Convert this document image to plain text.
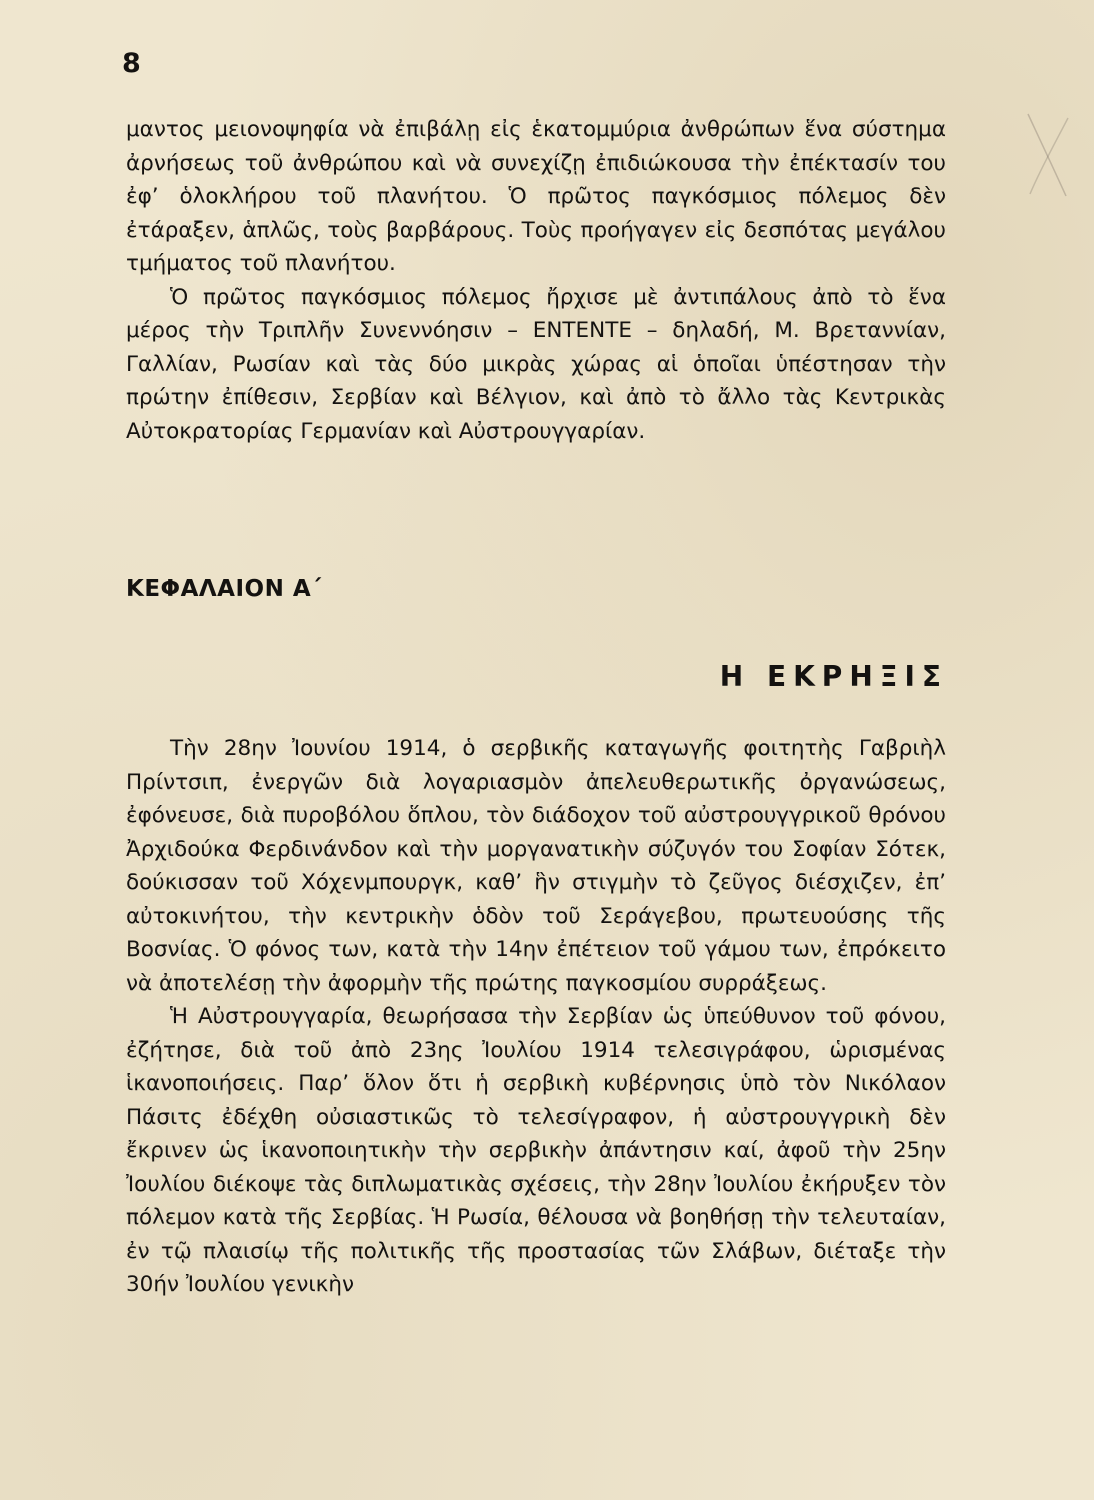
8

μαντος μειονοψηφία νὰ ἐπιβάλῃ εἰς ἑκατομμύρια ἀνθρώπων ἕνα σύστημα ἀρνήσεως τοῦ ἀνθρώπου καὶ νὰ συνεχίζῃ ἐπιδιώκουσα τὴν ἐπέκτασίν του ἐφ’ ὁλοκλήρου τοῦ πλανήτου. Ὁ πρῶτος παγκόσμιος πόλεμος δὲν ἐτάραξεν, ἁπλῶς, τοὺς βαρβάρους. Τοὺς προήγαγεν εἰς δεσπότας μεγάλου τμήματος τοῦ πλανήτου.

Ὁ πρῶτος παγκόσμιος πόλεμος ἤρχισε μὲ ἀντιπάλους ἀπὸ τὸ ἕνα μέρος τὴν Τριπλῆν Συνεννόησιν – ENTENTE – δηλαδή, Μ. Βρεταννίαν, Γαλλίαν, Ρωσίαν καὶ τὰς δύο μικρὰς χώρας αἱ ὁποῖαι ὑπέστησαν τὴν πρώτην ἐπίθεσιν, Σερβίαν καὶ Βέλγιον, καὶ ἀπὸ τὸ ἄλλο τὰς Κεντρικὰς Αὐτοκρατορίας Γερμανίαν καὶ Αὐστρουγγαρίαν.

ΚΕΦΑΛΑΙΟΝ Α΄
Η ΕΚΡΗΞΙΣ

Τὴν 28ην Ἰουνίου 1914, ὁ σερβικῆς καταγωγῆς φοιτητὴς Γαβριὴλ Πρίντσιπ, ἐνεργῶν διὰ λογαριασμὸν ἀπελευθερωτικῆς ὀργανώσεως, ἐφόνευσε, διὰ πυροβόλου ὅπλου, τὸν διάδοχον τοῦ αὐστρουγγρικοῦ θρόνου Ἀρχιδούκα Φερδινάνδον καὶ τὴν μοργανατικὴν σύζυγόν του Σοφίαν Σότεκ, δούκισσαν τοῦ Χόχενμπουργκ, καθ’ ἣν στιγμὴν τὸ ζεῦγος διέσχιζεν, ἐπ’ αὐτοκινήτου, τὴν κεντρικὴν ὁδὸν τοῦ Σεράγεβου, πρωτευούσης τῆς Βοσνίας. Ὁ φόνος των, κατὰ τὴν 14ην ἐπέτειον τοῦ γάμου των, ἐπρόκειτο νὰ ἀποτελέσῃ τὴν ἀφορμὴν τῆς πρώτης παγκοσμίου συρράξεως.

Ἡ Αὐστρουγγαρία, θεωρήσασα τὴν Σερβίαν ὡς ὑπεύθυνον τοῦ φόνου, ἐζήτησε, διὰ τοῦ ἀπὸ 23ης Ἰουλίου 1914 τελεσιγράφου, ὡρισμένας ἱκανοποιήσεις. Παρ’ ὅλον ὅτι ἡ σερβικὴ κυβέρνησις ὑπὸ τὸν Νικόλαον Πάσιτς ἐδέχθη οὐσιαστικῶς τὸ τελεσίγραφον, ἡ αὐστρουγγρικὴ δὲν ἔκρινεν ὡς ἱκανοποιητικὴν τὴν σερβικὴν ἀπάντησιν καί, ἀφοῦ τὴν 25ην Ἰουλίου διέκοψε τὰς διπλωματικὰς σχέσεις, τὴν 28ην Ἰουλίου ἐκήρυξεν τὸν πόλεμον κατὰ τῆς Σερβίας. Ἡ Ρωσία, θέλουσα νὰ βοηθήσῃ τὴν τελευταίαν, ἐν τῷ πλαισίῳ τῆς πολιτικῆς τῆς προστασίας τῶν Σλάβων, διέταξε τὴν 30ήν Ἰουλίου γενικὴν
